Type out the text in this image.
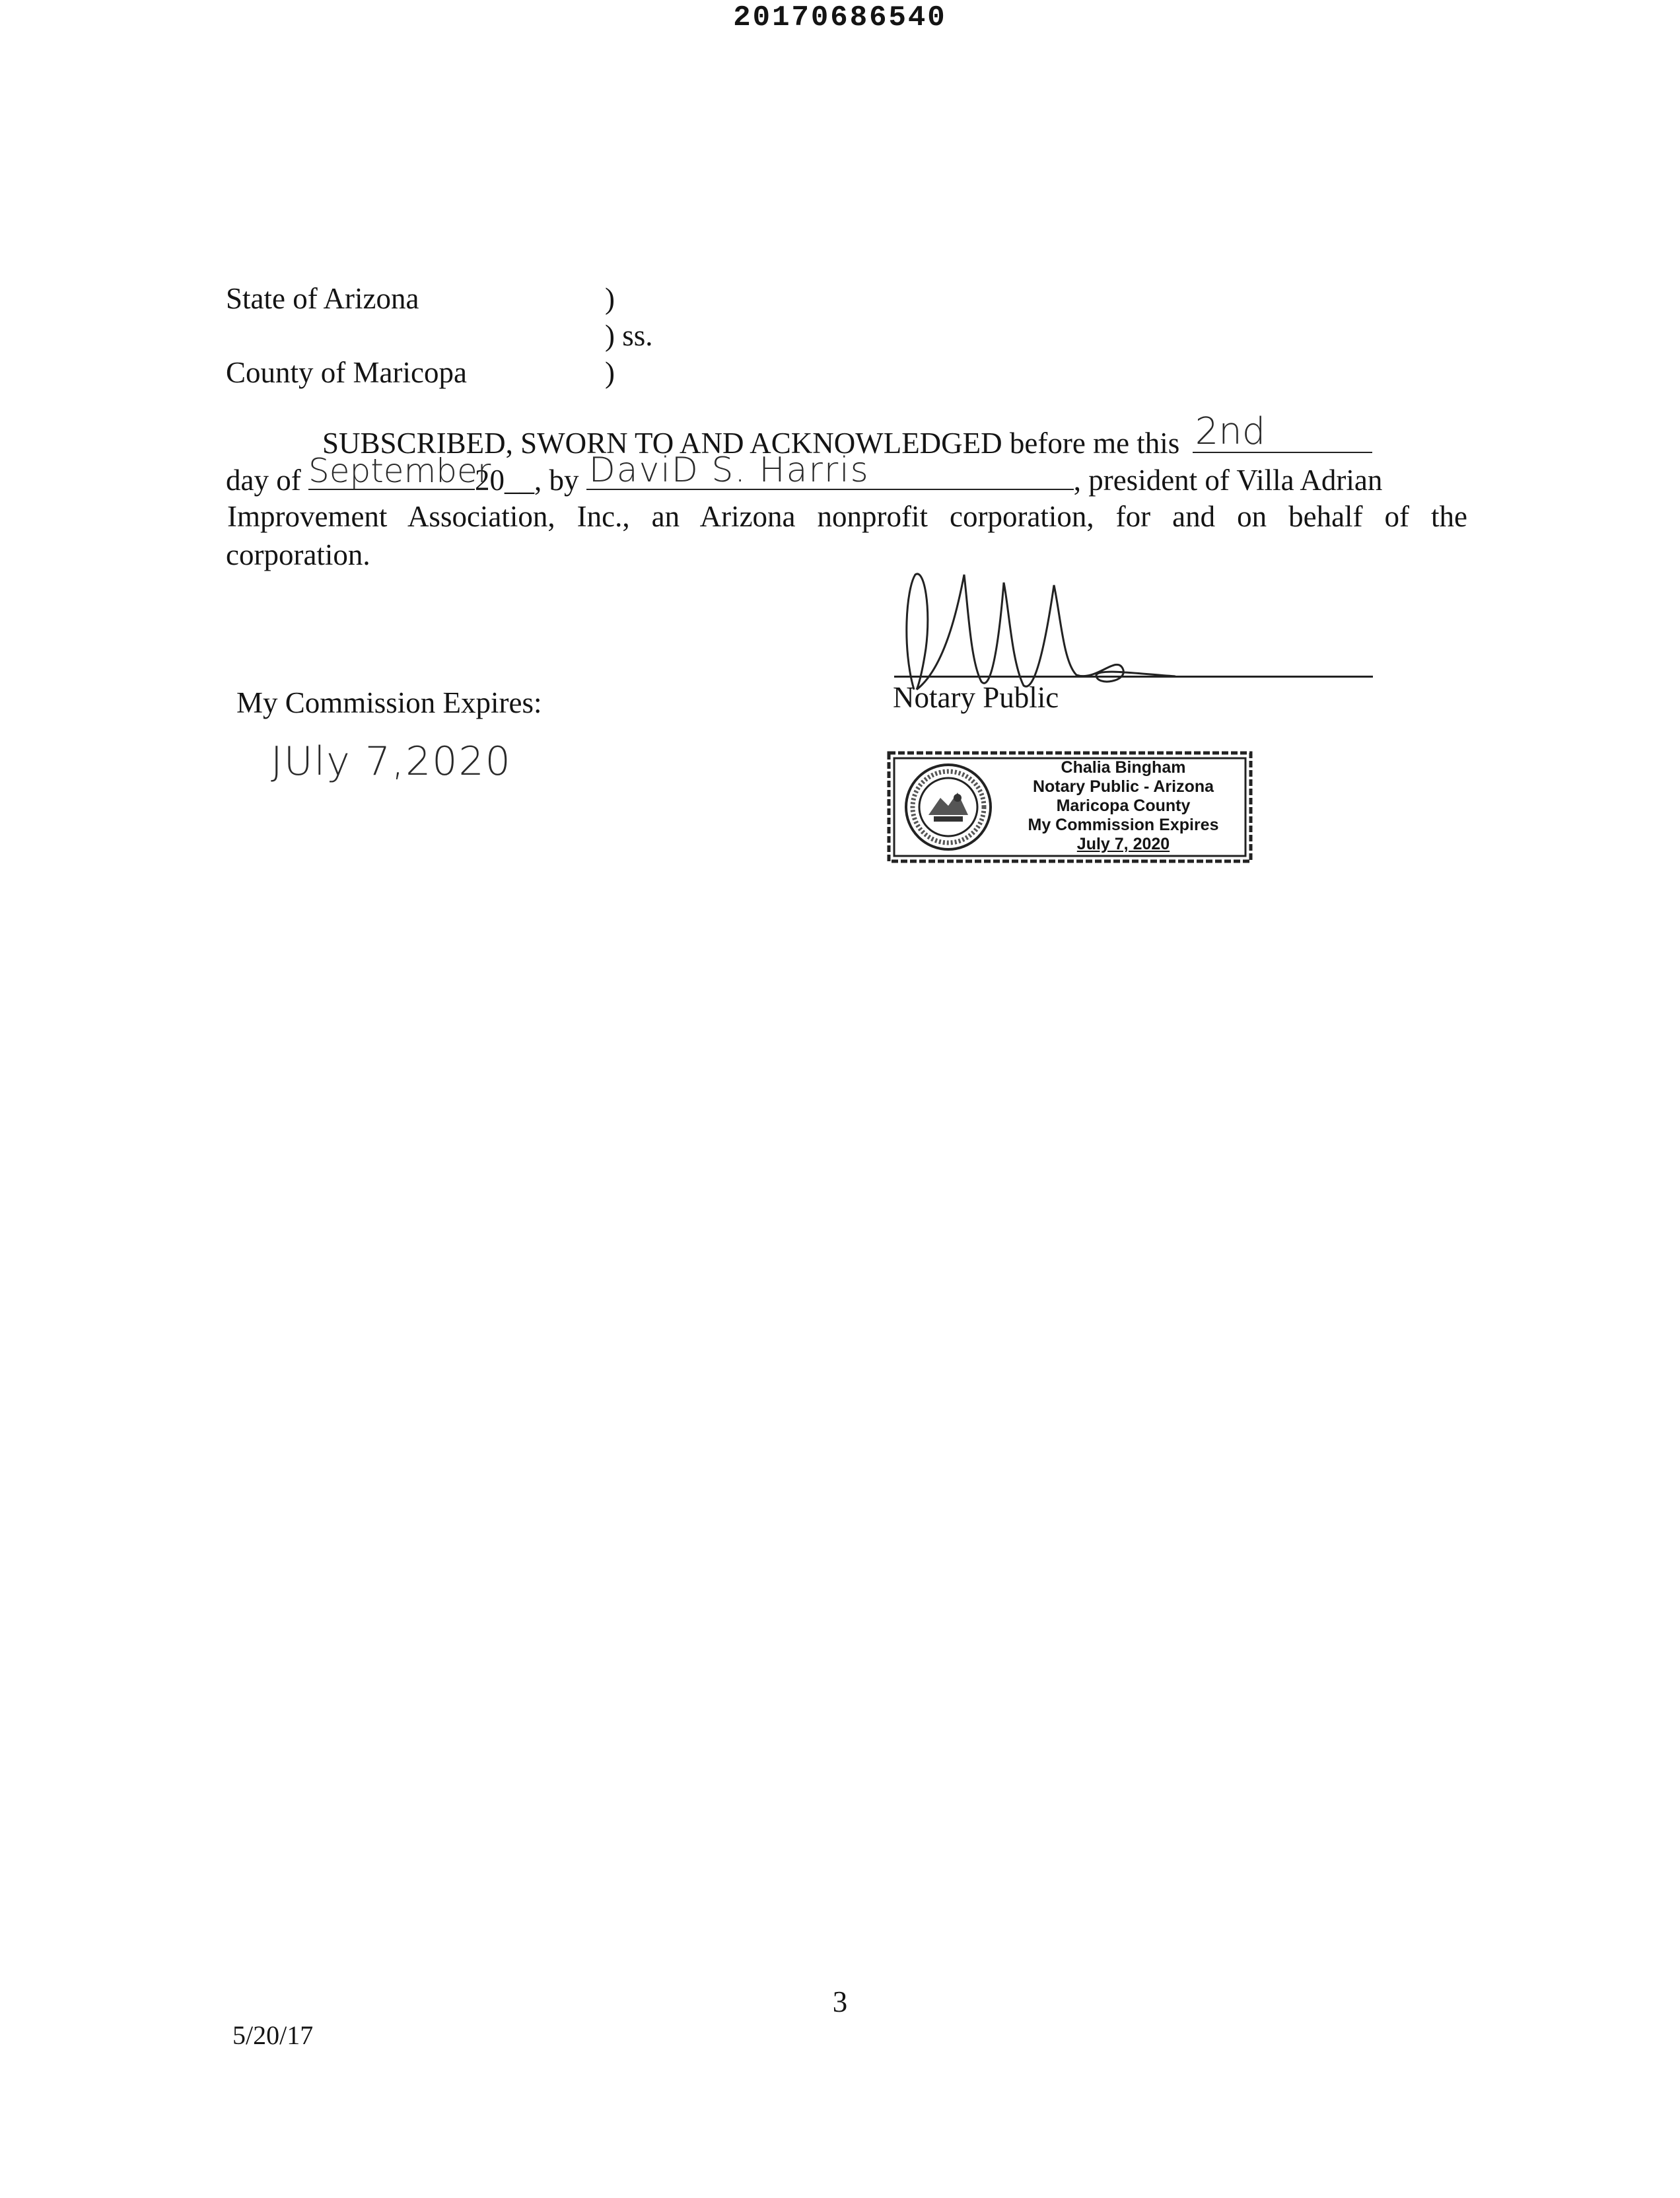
20170686540
State of Arizona	)
) ss.
County of Maricopa	)
SUBSCRIBED, SWORN TO AND ACKNOWLEDGED before me this 2nd
day of September
20__, by DaviD S. Harris	, president of Villa Adrian
Improvement Association, Inc., an Arizona nonprofit corporation, for and on behalf of the
corporation.
Notary Public
My Commission Expires:
JUly 7,2020	Chalia Bingham
Notary Public - Arizona
Maricopa County
My Commission Expires
July 7, 2020
3
5/20/17
